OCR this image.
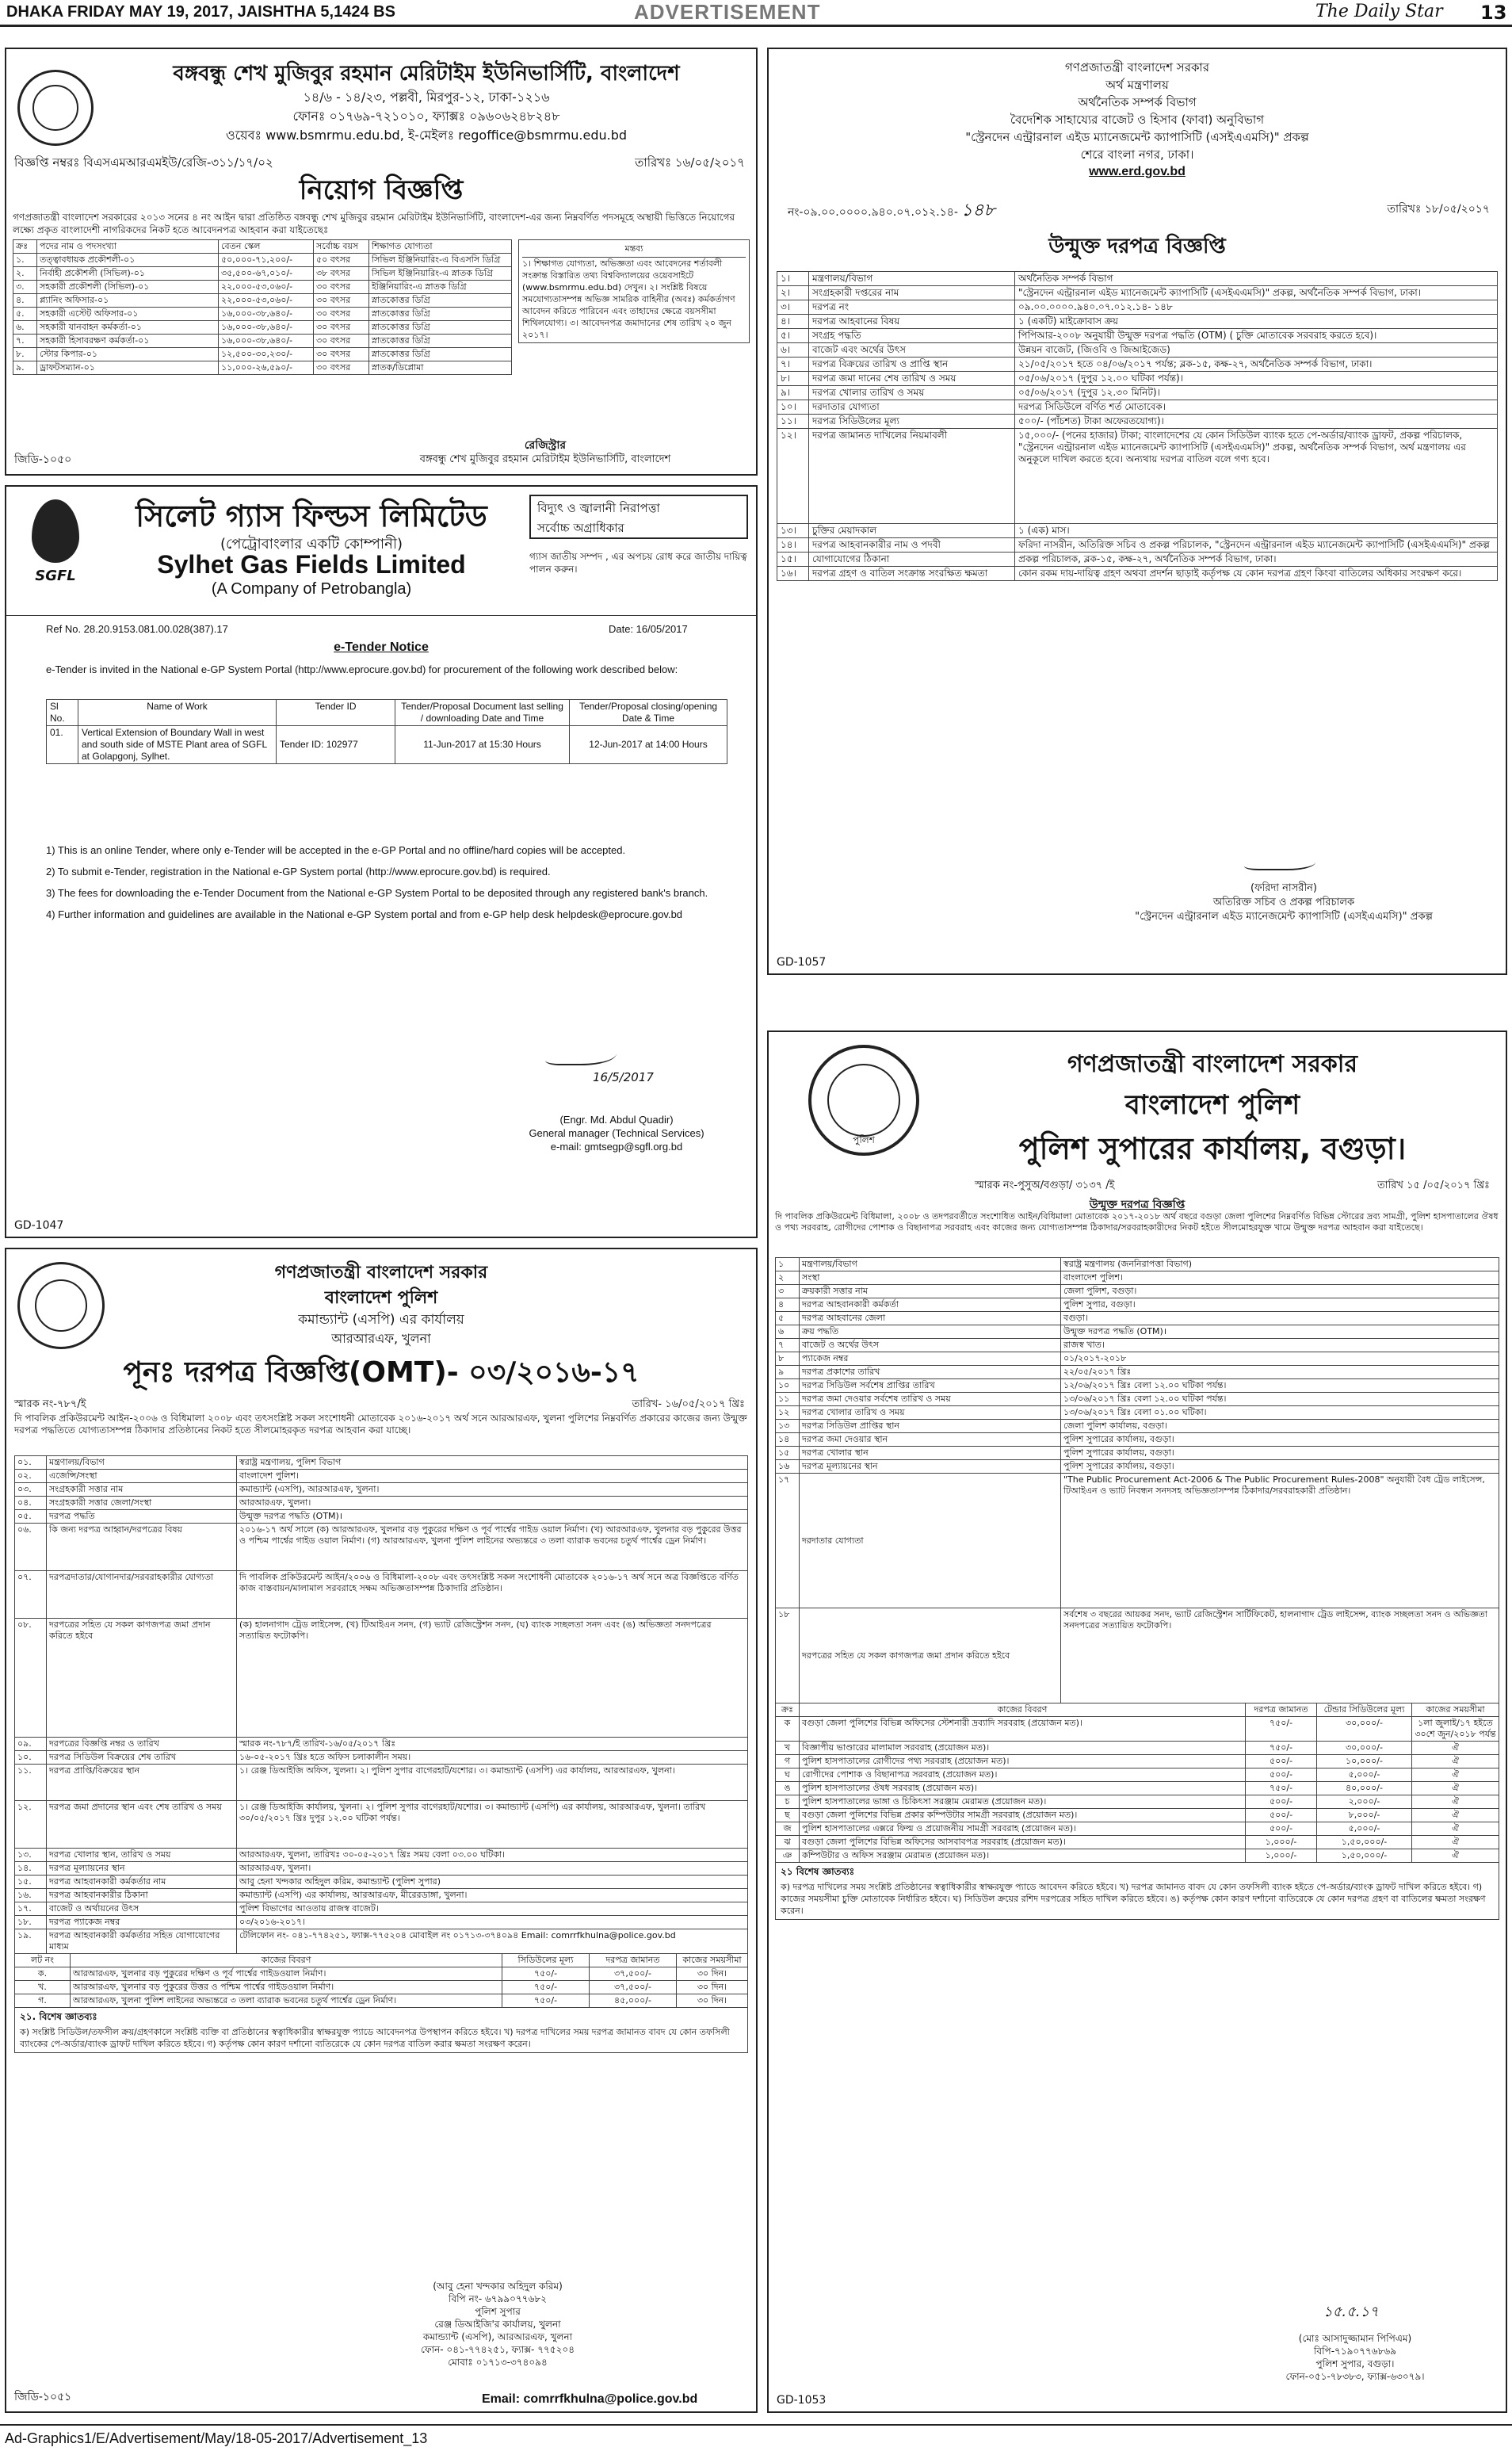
DHAKA FRIDAY MAY 19, 2017, JAISHTHA 5,1424 BS	ADVERTISEMENT	The Daily Star 13
বঙ্গবন্ধু শেখ মুজিবুর রহমান মেরিটাইম ইউনিভার্সিটি, বাংলাদেশ
১৪/৬ - ১৪/২৩, পল্লবী, মিরপুর-১২, ঢাকা-১২১৬
ফোনঃ ০১৭৬৯-৭২১০১০, ফ্যাক্সঃ ০৯৬০৬২৪৮২৪৮
ওয়েবঃ www.bsmrmu.edu.bd, ই-মেইলঃ regoffice@bsmrmu.edu.bd
বিজ্ঞপ্তি নম্বরঃ বিএসএমআরএমইউ/রেজি-৩১১/১৭/০২	তারিখঃ ১৬/০৫/২০১৭
নিয়োগ বিজ্ঞপ্তি
গণপ্রজাতন্ত্রী বাংলাদেশ সরকারের ২০১৩ সনের ৪ নং আইন দ্বারা প্রতিষ্ঠিত বঙ্গবন্ধু শেখ মুজিবুর রহমান মেরিটাইম ইউনিভার্সিটি, বাংলাদেশ-এর জন্য নিম্নবর্ণিত পদসমূহে অস্থায়ী ভিত্তিতে নিয়োগের লক্ষ্যে প্রকৃত বাংলাদেশী নাগরিকদের নিকট হতে আবেদনপত্র আহবান করা যাইতেছেঃ
ক্রঃ	পদের নাম ও পদসংখ্যা	বেতন স্কেল	সর্বোচ্চ বয়স	শিক্ষাগত যোগ্যতা
১.	তত্ত্বাবধায়ক প্রকৌশলী-০১	৫০,০০০-৭১,২০০/-	৫০ বৎসর	সিভিল ইঞ্জিনিয়ারিং-এ বিএসসি ডিগ্রি
২.	নির্বাহী প্রকৌশলী (সিভিল)-০১	৩৫,৫০০-৬৭,০১০/-	৩৮ বৎসর	সিভিল ইঞ্জিনিয়ারিং-এ স্নাতক ডিগ্রি
৩.	সহকারী প্রকৌশলী (সিভিল)-০১	২২,০০০-৫৩,০৬০/-	৩০ বৎসর	ইঞ্জিনিয়ারিং-এ স্নাতক ডিগ্রি
৪.	প্ল্যানিং অফিসার-০১	২২,০০০-৫৩,০৬০/-	৩০ বৎসর	স্নাতকোত্তর ডিগ্রি
৫.	সহকারী এস্টেট অফিসার-০১	১৬,০০০-৩৮,৬৪০/-	৩০ বৎসর	স্নাতকোত্তর ডিগ্রি
৬.	সহকারী যানবাহন কর্মকর্তা-০১	১৬,০০০-৩৮,৬৪০/-	৩০ বৎসর	স্নাতকোত্তর ডিগ্রি
৭.	সহকারী হিসাবরক্ষণ কর্মকর্তা-০১	১৬,০০০-৩৮,৬৪০/-	৩০ বৎসর	স্নাতকোত্তর ডিগ্রি
৮.	স্টোর কিপার-০১	১২,৫০০-৩০,২৩০/-	৩০ বৎসর	স্নাতকোত্তর ডিগ্রি
৯.	ড্রাফটসম্যান-০১	১১,০০০-২৬,৫৯০/-	৩০ বৎসর	স্নাতক/ডিপ্লোমা
মন্তব্য
১। শিক্ষাগত যোগ্যতা, অভিজ্ঞতা এবং আবেদনের শর্তাবলী সংক্রান্ত বিস্তারিত তথ্য বিশ্ববিদ্যালয়ের ওয়েবসাইটে (www.bsmrmu.edu.bd) দেখুন। ২। সংশ্লিষ্ট বিষয়ে সমযোগ্যতাসম্পন্ন অভিজ্ঞ সামরিক বাহিনীর (অবঃ) কর্মকর্তাগণ আবেদন করিতে পারিবেন এবং তাহাদের ক্ষেত্রে বয়সসীমা শিথিলযোগ্য। ৩। আবেদনপত্র জমাদানের শেষ তারিখ ২০ জুন ২০১৭।
রেজিস্ট্রার
বঙ্গবন্ধু শেখ মুজিবুর রহমান মেরিটাইম ইউনিভার্সিটি, বাংলাদেশ
জিডি-১০৫০
SGFL
সিলেট গ্যাস ফিল্ডস লিমিটেড
(পেট্রোবাংলার একটি কোম্পানী)
Sylhet Gas Fields Limited
(A Company of Petrobangla)
বিদ্যুৎ ও জ্বালানী নিরাপত্তা
সর্বোচ্চ অগ্রাধিকার
গ্যাস জাতীয় সম্পদ , এর অপচয় রোধ করে জাতীয় দায়িত্ব পালন করুন।
Ref No. 28.20.9153.081.00.028(387).17	Date: 16/05/2017
e-Tender Notice
e-Tender is invited in the National e-GP System Portal (http://www.eprocure.gov.bd) for procurement of the following work described below:
Sl No.	Name of Work	Tender ID	Tender/Proposal Document last selling / downloading Date and Time	Tender/Proposal closing/opening Date & Time
01.	Vertical Extension of Boundary Wall in west and south side of MSTE Plant area of SGFL at Golapgonj, Sylhet.	Tender ID: 102977	11-Jun-2017 at 15:30 Hours	12-Jun-2017 at 14:00 Hours

1) This is an online Tender, where only e-Tender will be accepted in the e-GP Portal and no offline/hard copies will be accepted.

2) To submit e-Tender, registration in the National e-GP System portal (http://www.eprocure.gov.bd) is required.

3) The fees for downloading the e-Tender Document from the National e-GP System Portal to be deposited through any registered bank's branch.

4) Further information and guidelines are available in the National e-GP System portal and from e-GP help desk helpdesk@eprocure.gov.bd

16/5/2017
(Engr. Md. Abdul Quadir)
General manager (Technical Services)
e-mail: gmtsegp@sgfl.org.bd
GD-1047
গণপ্রজাতন্ত্রী বাংলাদেশ সরকার
বাংলাদেশ পুলিশ
কমান্ড্যান্ট (এসপি) এর কার্যালয়
আরআরএফ, খুলনা
পূনঃ দরপত্র বিজ্ঞপ্তি(OMT)- ০৩/২০১৬-১৭
স্মারক নং-৭৮৭/ই	তারিখ- ১৬/০৫/২০১৭ খ্রিঃ
দি পাবলিক প্রকিউরমেন্ট আইন-২০০৬ ও বিধিমালা ২০০৮ এবং তৎসংশ্লিষ্ট সকল সংশোধনী মোতাবেক ২০১৬-২০১৭ অর্থ সনে আরআরএফ, খুলনা পুলিশের নিম্নবর্ণিত প্রকারের কাজের জন্য উন্মুক্ত দরপত্র পদ্ধতিতে যোগ্যতাসম্পন্ন ঠিকাদার প্রতিষ্ঠানের নিকট হতে সীলমোহরকৃত দরপত্র আহবান করা যাচ্ছে।
০১.	মন্ত্রণালয়/বিভাগ	স্বরাষ্ট্র মন্ত্রণালয়, পুলিশ বিভাগ
০২.	এজেন্সি/সংস্থা	বাংলাদেশ পুলিশ।
০৩.	সংগ্রহকারী সত্তার নাম	কমান্ড্যান্ট (এসপি), আরআরএফ, খুলনা।
০৪.	সংগ্রহকারী সত্তার জেলা/সংস্থা	আরআরএফ, খুলনা।
০৫.	দরপত্র পদ্ধতি	উন্মুক্ত দরপত্র পদ্ধতি (OTM)।
০৬.	কি জন্য দরপত্র আহ্বান/দরপত্রের বিষয়	২০১৬-১৭ অর্থ সালে (ক) আরআরএফ, খুলনার বড় পুকুরের দক্ষিণ ও পূর্ব পার্শ্বের গাইড ওয়াল নির্মাণ। (খ) আরআরএফ, খুলনার বড় পুকুরের উত্তর ও পশ্চিম পার্শ্বের গাইড ওয়াল নির্মাণ। (গ) আরআরএফ, খুলনা পুলিশ লাইনের অভ্যন্তরে ৩ তলা ব্যারাক ভবনের চতুর্থ পার্শ্বের ড্রেন নির্মাণ।
০৭.	দরপত্রদাতার/যোগানদার/সরবরাহকারীর যোগ্যতা	দি পাবলিক প্রকিউরমেন্ট আইন/২০০৬ ও বিধিমালা-২০০৮ এবং তৎসংশ্লিষ্ট সকল সংশোধনী মোতাবেক ২০১৬-১৭ অর্থ সনে অত্র বিজ্ঞপ্তিতে বর্ণিত কাজ বাস্তবায়ন/মালামাল সরবরাহে সক্ষম অভিজ্ঞতাসম্পন্ন ঠিকাদারি প্রতিষ্ঠান।
০৮.	দরপত্রের সহিত যে সকল কাগজপত্র জমা প্রদান করিতে হইবে	(ক) হালনাগাদ ট্রেড লাইসেন্স, (খ) টিআইএন সনদ, (গ) ভ্যাট রেজিস্ট্রেশন সনদ, (ঘ) ব্যাংক সচ্ছলতা সনদ এবং (ঙ) অভিজ্ঞতা সনদপত্রের সত্যায়িত ফটোকপি।
০৯.	দরপত্রের বিজ্ঞপ্তি নম্বর ও তারিখ	স্মারক নং-৭৮৭/ই তারিখ-১৬/০৫/২০১৭ খ্রিঃ
১০.	দরপত্র সিডিউল বিক্রয়ের শেষ তারিখ	১৬-০৫-২০১৭ খ্রিঃ হতে অফিস চলাকালীন সময়।
১১.	দরপত্র প্রাপ্তি/বিক্রয়ের স্থান	১। রেঞ্জ ডিআইজি অফিস, খুলনা। ২। পুলিশ সুপার বাগেরহাট/যশোর। ৩। কমান্ড্যান্ট (এসপি) এর কার্যালয়, আরআরএফ, খুলনা।
১২.	দরপত্র জমা প্রদানের স্থান এবং শেষ তারিখ ও সময়	১। রেঞ্জ ডিআইজি কার্যালয়, খুলনা। ২। পুলিশ সুপার বাগেরহাট/যশোর। ৩। কমান্ড্যান্ট (এসপি) এর কার্যালয়, আরআরএফ, খুলনা। তারিখ ৩০/০৫/২০১৭ খ্রিঃ দুপুর ১২.০০ ঘটিকা পর্যন্ত।
১৩.	দরপত্র খোলার স্থান, তারিখ ও সময়	আরআরএফ, খুলনা, তারিখঃ ৩০-০৫-২০১৭ খ্রিঃ সময় বেলা ০৩.০০ ঘটিকা।
১৪.	দরপত্র মূল্যায়নের স্থান	আরআরএফ, খুলনা।
১৫.	দরপত্র আহবানকারী কর্মকর্তার নাম	আবু হেনা খন্দকার অহিদুল করিম, কমান্ড্যান্ট (পুলিশ সুপার)
১৬.	দরপত্র আহবানকারীর ঠিকানা	কমান্ড্যান্ট (এসপি) এর কার্যালয়, আরআরএফ, মীরেরডাঙ্গা, খুলনা।
১৭.	বাজেট ও অর্থায়নের উৎস	পুলিশ বিভাগের আওতায় রাজস্ব বাজেট।
১৮.	দরপত্র প্যাকেজ নম্বর	০৩/২০১৬-২০১৭।
১৯.	দরপত্র আহবানকারী কর্মকর্তার সহিত যোগাযোগের মাধ্যম	টেলিফোন নং- ০৪১-৭৭৪২৫১, ফ্যাক্স-৭৭৫২০৪ মোবাইল নং ০১৭১৩-৩৭৪০৯৪ Email: comrrfkhulna@police.gov.bd
লট নং	কাজের বিবরণ	সিডিউলের মূল্য	দরপত্র জামানত	কাজের সময়সীমা
ক.	আরআরএফ, খুলনার বড় পুকুরের দক্ষিণ ও পূর্ব পার্শ্বের গাইডওয়াল নির্মাণ।	৭৫০/-	৩৭,৫০০/-	৩০ দিন।
খ.	আরআরএফ, খুলনার বড় পুকুরের উত্তর ও পশ্চিম পার্শ্বের গাইডওয়াল নির্মাণ।	৭৫০/-	৩৭,৫০০/-	৩০ দিন।
গ.	আরআরএফ, খুলনা পুলিশ লাইনের অভ্যন্তরে ৩ তলা ব্যারাক ভবনের চতুর্থ পার্শ্বের ড্রেন নির্মাণ।	৭৫০/-	৪৫,০০০/-	৩০ দিন।
২১. বিশেষ জ্ঞাতব্যঃ
ক) সংশ্লিষ্ট সিডিউল/তফসীল ক্রয়/গ্রহণকালে সংশ্লিষ্ট ব্যক্তি বা প্রতিষ্ঠানের স্বত্বাধিকারীর স্বাক্ষরযুক্ত প্যাডে আবেদনপত্র উপস্থাপন করিতে হইবে। খ) দরপত্র দাখিলের সময় দরপত্র জামানত বাবদ যে কোন তফসিলী ব্যাংকের পে-অর্ডার/ব্যাংক ড্রাফট দাখিল করিতে হইবে। গ) কর্তৃপক্ষ কোন কারণ দর্শানো ব্যতিরেকে যে কোন দরপত্র বাতিল করার ক্ষমতা সংরক্ষণ করেন।
(আবু হেনা খন্দকার অহিদুল করিম)
বিপি নং- ৬৭৯৯০৭৭৬৮২
পুলিশ সুপার
রেঞ্জ ডিআইজি'র কার্যালয়, খুলনা
কমান্ড্যান্ট (এসপি), আরআরএফ, খুলনা
ফোন- ০৪১-৭৭৪২৫১, ফ্যাক্স- ৭৭৫২০৪
মোবাঃ ০১৭১৩-৩৭৪০৯৪
Email: comrrfkhulna@police.gov.bd
জিডি-১০৫১
গণপ্রজাতন্ত্রী বাংলাদেশ সরকার
অর্থ মন্ত্রণালয়
অর্থনৈতিক সম্পর্ক বিভাগ
বৈদেশিক সাহায্যের বাজেট ও হিসাব (ফাবা) অনুবিভাগ
"স্ট্রেনদেন এন্ট্রারনাল এইড ম্যানেজমেন্ট ক্যাপাসিটি (এসইএএমসি)" প্রকল্প
শেরে বাংলা নগর, ঢাকা।
www.erd.gov.bd
নং-০৯.০০.০০০০.৯৪০.০৭.০১২.১৪- ১৪৮	তারিখঃ ১৮/০৫/২০১৭
উন্মুক্ত দরপত্র বিজ্ঞপ্তি
১।	মন্ত্রণালয়/বিভাগ	অর্থনৈতিক সম্পর্ক বিভাগ
২।	সংগ্রহকারী দপ্তরের নাম	"স্ট্রেনদেন এন্ট্রারনাল এইড ম্যানেজমেন্ট ক্যাপাসিটি (এসইএএমসি)" প্রকল্প, অর্থনৈতিক সম্পর্ক বিভাগ, ঢাকা।
৩।	দরপত্র নং	০৯.০০.০০০০.৯৪০.০৭.০১২.১৪- ১৪৮
৪।	দরপত্র আহবানের বিষয়	১ (একটি) মাইক্রোবাস ক্রয়
৫।	সংগ্রহ পদ্ধতি	পিপিআর-২০০৮ অনুযায়ী উন্মুক্ত দরপত্র পদ্ধতি (OTM) ( চুক্তি মোতাবেক সরবরাহ করতে হবে)।
৬।	বাজেট এবং অর্থের উৎস	উন্নয়ন বাজেট, (জিওবি ও জিআইজেড)
৭।	দরপত্র বিক্রয়ের তারিখ ও প্রাপ্তি স্থান	২১/০৫/২০১৭ হতে ০৪/০৬/২০১৭ পর্যন্ত; ব্লক-১৫, কক্ষ-২৭, অর্থনৈতিক সম্পর্ক বিভাগ, ঢাকা।
৮।	দরপত্র জমা দানের শেষ তারিখ ও সময়	০৫/০৬/২০১৭ (দুপুর ১২.০০ ঘটিকা পর্যন্ত)।
৯।	দরপত্র খোলার তারিখ ও সময়	০৫/০৬/২০১৭ (দুপুর ১২.৩০ মিনিট)।
১০।	দরদাতার যোগ্যতা	দরপত্র সিডিউলে বর্ণিত শর্ত মোতাবেক।
১১।	দরপত্র সিডিউলের মূল্য	৫০০/- (পাঁচশত) টাকা অফেরতযোগ্য)।
১২।	দরপত্র জামানত দাখিলের নিয়মাবলী	১৫,০০০/- (পনের হাজার) টাকা; বাংলাদেশের যে কোন সিডিউল ব্যাংক হতে পে-অর্ডার/ব্যাংক ড্রাফট, প্রকল্প পরিচালক, "স্ট্রেনদেন এন্ট্রারনাল এইড ম্যানেজমেন্ট ক্যাপাসিটি (এসইএএমসি)" প্রকল্প, অর্থনৈতিক সম্পর্ক বিভাগ, অর্থ মন্ত্রণালয় এর অনুকূলে দাখিল করতে হবে। অন্যথায় দরপত্র বাতিল বলে গণ্য হবে।
১৩।	চুক্তির মেয়াদকাল	১ (এক) মাস।
১৪।	দরপত্র আহবানকারীর নাম ও পদবী	ফরিদা নাসরীন, অতিরিক্ত সচিব ও প্রকল্প পরিচালক, "স্ট্রেনদেন এন্ট্রারনাল এইড ম্যানেজমেন্ট ক্যাপাসিটি (এসইএএমসি)" প্রকল্প
১৫।	যোগাযোগের ঠিকানা	প্রকল্প পরিচালক, ব্লক-১৫, কক্ষ-২৭, অর্থনৈতিক সম্পর্ক বিভাগ, ঢাকা।
১৬।	দরপত্র গ্রহণ ও বাতিল সংক্রান্ত সংরক্ষিত ক্ষমতা	কোন রকম দায়-দায়িত্ব গ্রহণ অথবা প্রদর্শন ছাড়াই কর্তৃপক্ষ যে কোন দরপত্র গ্রহণ কিংবা বাতিলের অধিকার সংরক্ষণ করে।
(ফরিদা নাসরীন)
অতিরিক্ত সচিব ও প্রকল্প পরিচালক
"স্ট্রেনদেন এন্ট্রারনাল এইড ম্যানেজমেন্ট ক্যাপাসিটি (এসইএএমসি)" প্রকল্প
GD-1057
পুলিশ
গণপ্রজাতন্ত্রী বাংলাদেশ সরকার
বাংলাদেশ পুলিশ
পুলিশ সুপারের কার্যালয়, বগুড়া।
স্মারক নং-পুসুঅ/বগুড়া/ ৩১৩৭ /ই	তারিখ ১৫ /০৫/২০১৭ খ্রিঃ
উন্মুক্ত দরপত্র বিজ্ঞপ্তি
দি পাবলিক প্রকিউরমেন্ট বিধিমালা, ২০০৮ ও তদপরবর্তীতে সংশোধিত আইন/বিধিমালা মোতাবেক ২০১৭-২০১৮ অর্থ বছরে বগুড়া জেলা পুলিশের নিম্নবর্ণিত বিভিন্ন স্টোরের দ্রব্য সামগ্রী, পুলিশ হাসপাতালের ঔষধ ও পথ্য সরবরাহ, রোগীদের পোশাক ও বিছানাপত্র সরবরাহ এবং কাজের জন্য যোগ্যতাসম্পন্ন ঠিকাদার/সরবরাহকারীদের নিকট হইতে সীলমোহরযুক্ত খামে উন্মুক্ত দরপত্র আহবান করা যাইতেছে।
১	মন্ত্রণালয়/বিভাগ	স্বরাষ্ট্র মন্ত্রণালয় (জননিরাপত্তা বিভাগ)
২	সংস্থা	বাংলাদেশ পুলিশ।
৩	ক্রয়কারী সত্তার নাম	জেলা পুলিশ, বগুড়া।
৪	দরপত্র আহবানকারী কর্মকর্তা	পুলিশ সুপার, বগুড়া।
৫	দরপত্র আহবানের জেলা	বগুড়া।
৬	ক্রয় পদ্ধতি	উন্মুক্ত দরপত্র পদ্ধতি (OTM)।
৭	বাজেট ও অর্থের উৎস	রাজস্ব খাত।
৮	প্যাকেজ নম্বর	০১/২০১৭-২০১৮
৯	দরপত্র প্রকাশের তারিখ	২২/০৫/২০১৭ খ্রিঃ
১০	দরপত্র সিডিউল সর্বশেষ প্রাপ্তির তারিখ	১২/০৬/২০১৭ খ্রিঃ বেলা ১২.০০ ঘটিকা পর্যন্ত।
১১	দরপত্র জমা দেওয়ার সর্বশেষ তারিখ ও সময়	১৩/০৬/২০১৭ খ্রিঃ বেলা ১২.০০ ঘটিকা পর্যন্ত।
১২	দরপত্র খোলার তারিখ ও সময়	১৩/০৬/২০১৭ খ্রিঃ বেলা ০১.০০ ঘটিকা।
১৩	দরপত্র সিডিউল প্রাপ্তির স্থান	জেলা পুলিশ কার্যালয়, বগুড়া।
১৪	দরপত্র জমা দেওয়ার স্থান	পুলিশ সুপারের কার্যালয়, বগুড়া।
১৫	দরপত্র খোলার স্থান	পুলিশ সুপারের কার্যালয়, বগুড়া।
১৬	দরপত্র মূল্যায়নের স্থান	পুলিশ সুপারের কার্যালয়, বগুড়া।
১৭	দরদাতার যোগ্যতা	"The Public Procurement Act-2006 & The Public Procurement Rules-2008" অনুযায়ী বৈধ ট্রেড লাইসেন্স, টিআইএন ও ভ্যাট নিবন্ধন সনদসহ অভিজ্ঞতাসম্পন্ন ঠিকাদার/সরবরাহকারী প্রতিষ্ঠান।
১৮	দরপত্রের সহিত যে সকল কাগজপত্র জমা প্রদান করিতে হইবে	সর্বশেষ ৩ বছরের আয়কর সনদ, ভ্যাট রেজিস্ট্রেশন সার্টিফিকেট, হালনাগাদ ট্রেড লাইসেন্স, ব্যাংক সচ্ছলতা সনদ ও অভিজ্ঞতা সনদপত্রের সত্যায়িত ফটোকপি।
ক্রঃ	কাজের বিবরণ	দরপত্র জামানত	টেন্ডার সিডিউলের মূল্য	কাজের সময়সীমা
ক	বগুড়া জেলা পুলিশের বিভিন্ন অফিসের স্টেশনারী দ্রব্যাদি সরবরাহ (প্রয়োজন মত)।	৭৫০/-	৩০,০০০/-	১লা জুলাই/১৭ হইতে ৩০শে জুন/২০১৮ পর্যন্ত
খ	বিজ্ঞাপীয় ভাণ্ডারের মালামাল সরবরাহ (প্রয়োজন মত)।	৭৫০/-	৩০,০০০/-	ঐ
গ	পুলিশ হাসপাতালের রোগীদের পথ্য সরবরাহ (প্রয়োজন মত)।	৫০০/-	১০,০০০/-	ঐ
ঘ	রোগীদের পোশাক ও বিছানাপত্র সরবরাহ (প্রয়োজন মত)।	৫০০/-	৫,০০০/-	ঐ
ঙ	পুলিশ হাসপাতালের ঔষধ সরবরাহ (প্রয়োজন মত)।	৭৫০/-	৪০,০০০/-	ঐ
চ	পুলিশ হাসপাতালের ভাঙ্গা ও চিকিৎসা সরঞ্জাম মেরামত (প্রয়োজন মত)।	৫০০/-	২,০০০/-	ঐ
ছ	বগুড়া জেলা পুলিশের বিভিন্ন প্রকার কম্পিউটার সামগ্রী সরবরাহ (প্রয়োজন মত)।	৫০০/-	৮,০০০/-	ঐ
জ	পুলিশ হাসপাতালের এক্সরে ফিল্ম ও প্রয়োজনীয় সামগ্রী সরবরাহ (প্রয়োজন মত)।	৫০০/-	৫,০০০/-	ঐ
ঝ	বগুড়া জেলা পুলিশের বিভিন্ন অফিসের আসবাবপত্র সরবরাহ (প্রয়োজন মত)।	১,০০০/-	১,৫০,০০০/-	ঐ
ঞ	কম্পিউটার ও অফিস সরঞ্জাম মেরামত (প্রয়োজন মত)।	১,০০০/-	১,৫০,০০০/-	ঐ
২১ বিশেষ জ্ঞাতব্যঃ
ক) দরপত্র দাখিলের সময় সংশ্লিষ্ট প্রতিষ্ঠানের স্বত্বাধিকারীর স্বাক্ষরযুক্ত প্যাডে আবেদন করিতে হইবে। খ) দরপত্র জামানত বাবদ যে কোন তফসিলী ব্যাংক হইতে পে-অর্ডার/ব্যাংক ড্রাফট দাখিল করিতে হইবে। গ) কাজের সময়সীমা চুক্তি মোতাবেক নির্ধারিত হইবে। ঘ) সিডিউল ক্রয়ের রশিদ দরপত্রের সহিত দাখিল করিতে হইবে। ঙ) কর্তৃপক্ষ কোন কারণ দর্শানো ব্যতিরেকে যে কোন দরপত্র গ্রহণ বা বাতিলের ক্ষমতা সংরক্ষণ করেন।
১৫.৫.১৭
(মোঃ আসাদুজ্জামান পিপিএম)
বিপি-৭১৯০৭৭৬৮৬৯
পুলিশ সুপার, বগুড়া।
ফোন-০৫১-৭৮৩৮৩, ফ্যাক্স-৬৩০৭৯।
GD-1053
Ad-Graphics1/E/Advertisement/May/18-05-2017/Advertisement_13
